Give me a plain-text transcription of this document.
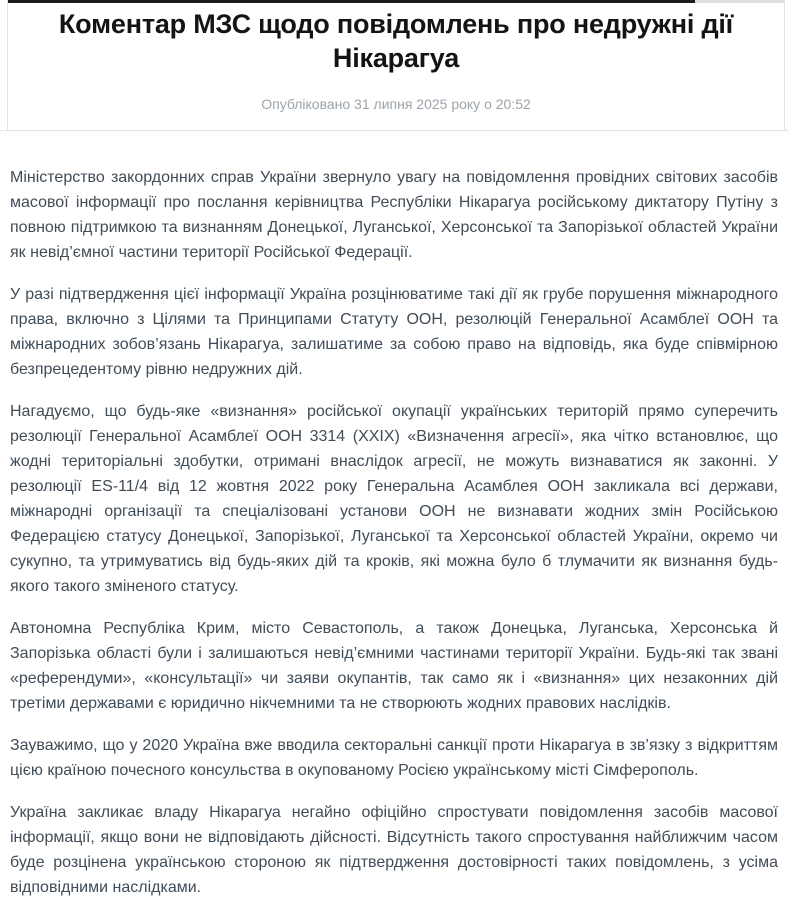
Коментар МЗС щодо повідомлень про недружні дії Нікарагуа
Опубліковано 31 липня 2025 року о 20:52

Міністерство закордонних справ України звернуло увагу на повідомлення провідних світових засобів масової інформації про послання керівництва Республіки Нікарагуа російському диктатору Путіну з повною підтримкою та визнанням Донецької, Луганської, Херсонської та Запорізької областей України як невід’ємної частини території Російської Федерації.

У разі підтвердження цієї інформації Україна розцінюватиме такі дії як грубе порушення міжнародного права, включно з Цілями та Принципами Статуту ООН, резолюцій Генеральної Асамблеї ООН та міжнародних зобов’язань Нікарагуа, залишатиме за собою право на відповідь, яка буде співмірною безпрецедентому рівню недружних дій.

Нагадуємо, що будь-яке «визнання» російської окупації українських територій прямо суперечить резолюції Генеральної Асамблеї ООН 3314 (XXIX) «Визначення агресії», яка чітко встановлює, що жодні територіальні здобутки, отримані внаслідок агресії, не можуть визнаватися як законні. У резолюції ES-11/4 від 12 жовтня 2022 року Генеральна Асамблея ООН закликала всі держави, міжнародні організації та спеціалізовані установи ООН не визнавати жодних змін Російською Федерацією статусу Донецької, Запорізької, Луганської та Херсонської областей України, окремо чи сукупно, та утримуватись від будь-яких дій та кроків, які можна було б тлумачити як визнання будь-якого такого зміненого статусу.

Автономна Республіка Крим, місто Севастополь, а також Донецька, Луганська, Херсонська й Запорізька області були і залишаються невід’ємними частинами території України. Будь-які так звані «референдуми», «консультації» чи заяви окупантів, так само як і «визнання» цих незаконних дій третіми державами є юридично нікчемними та не створюють жодних правових наслідків.

Зауважимо, що у 2020 Україна вже вводила секторальні санкції проти Нікарагуа в зв’язку з відкриттям цією країною почесного консульства в окупованому Росією українському місті Сімферополь.

Україна закликає владу Нікарагуа негайно офіційно спростувати повідомлення засобів масової інформації, якщо вони не відповідають дійсності. Відсутність такого спростування найближчим часом буде розцінена українською стороною як підтвердження достовірності таких повідомлень, з усіма відповідними наслідками.
